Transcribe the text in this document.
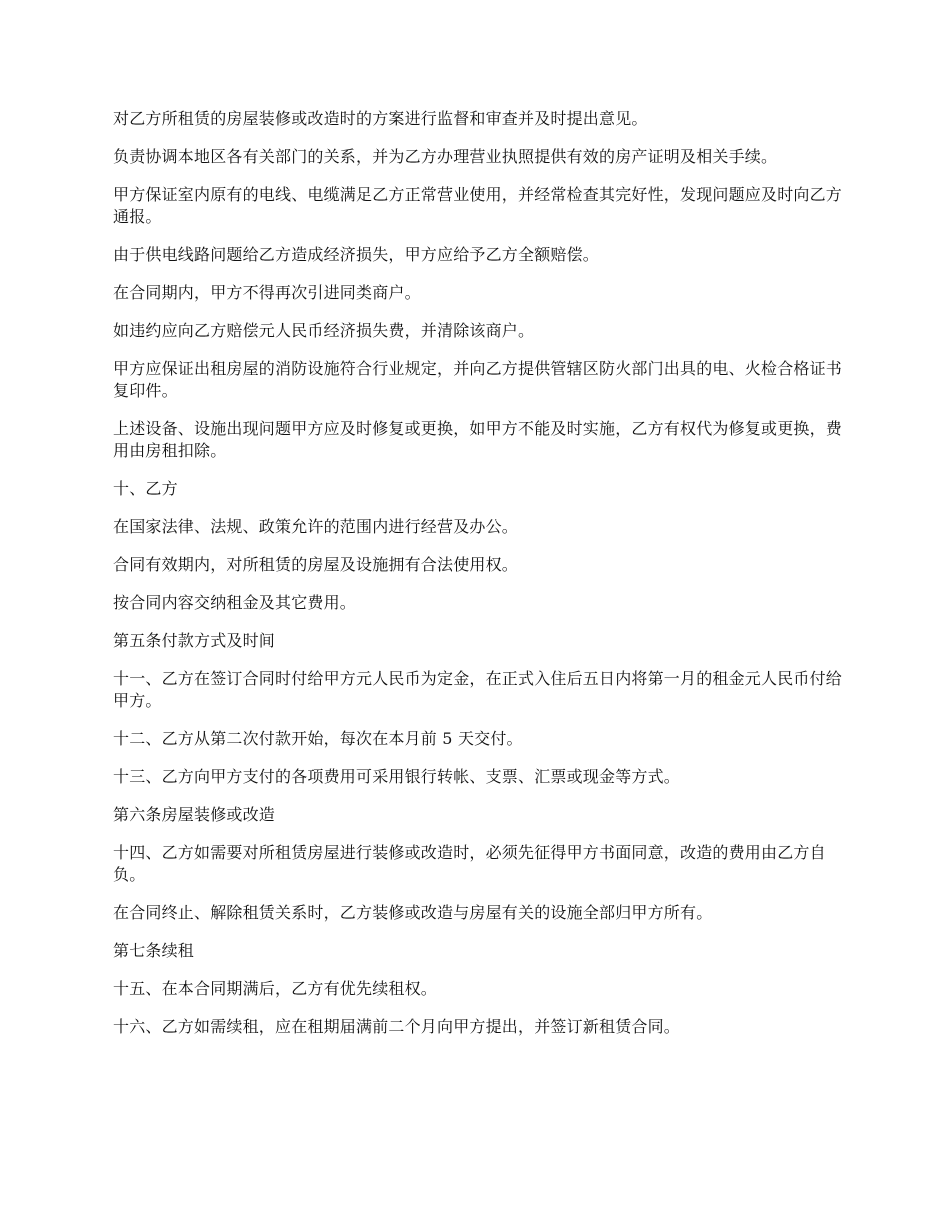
对乙方所租赁的房屋装修或改造时的方案进行监督和审查并及时提出意见。

负责协调本地区各有关部门的关系，并为乙方办理营业执照提供有效的房产证明及相关手续。

甲方保证室内原有的电线、电缆满足乙方正常营业使用，并经常检查其完好性，发现问题应及时向乙方通报。

由于供电线路问题给乙方造成经济损失，甲方应给予乙方全额赔偿。

在合同期内，甲方不得再次引进同类商户。

如违约应向乙方赔偿元人民币经济损失费，并清除该商户。

甲方应保证出租房屋的消防设施符合行业规定，并向乙方提供管辖区防火部门出具的电、火检合格证书复印件。

上述设备、设施出现问题甲方应及时修复或更换，如甲方不能及时实施，乙方有权代为修复或更换，费用由房租扣除。

十、乙方

在国家法律、法规、政策允许的范围内进行经营及办公。

合同有效期内，对所租赁的房屋及设施拥有合法使用权。

按合同内容交纳租金及其它费用。

第五条付款方式及时间

十一、乙方在签订合同时付给甲方元人民币为定金，在正式入住后五日内将第一月的租金元人民币付给甲方。

十二、乙方从第二次付款开始，每次在本月前 5 天交付。

十三、乙方向甲方支付的各项费用可采用银行转帐、支票、汇票或现金等方式。

第六条房屋装修或改造

十四、乙方如需要对所租赁房屋进行装修或改造时，必须先征得甲方书面同意，改造的费用由乙方自负。

在合同终止、解除租赁关系时，乙方装修或改造与房屋有关的设施全部归甲方所有。

第七条续租

十五、在本合同期满后，乙方有优先续租权。

十六、乙方如需续租，应在租期届满前二个月向甲方提出，并签订新租赁合同。
